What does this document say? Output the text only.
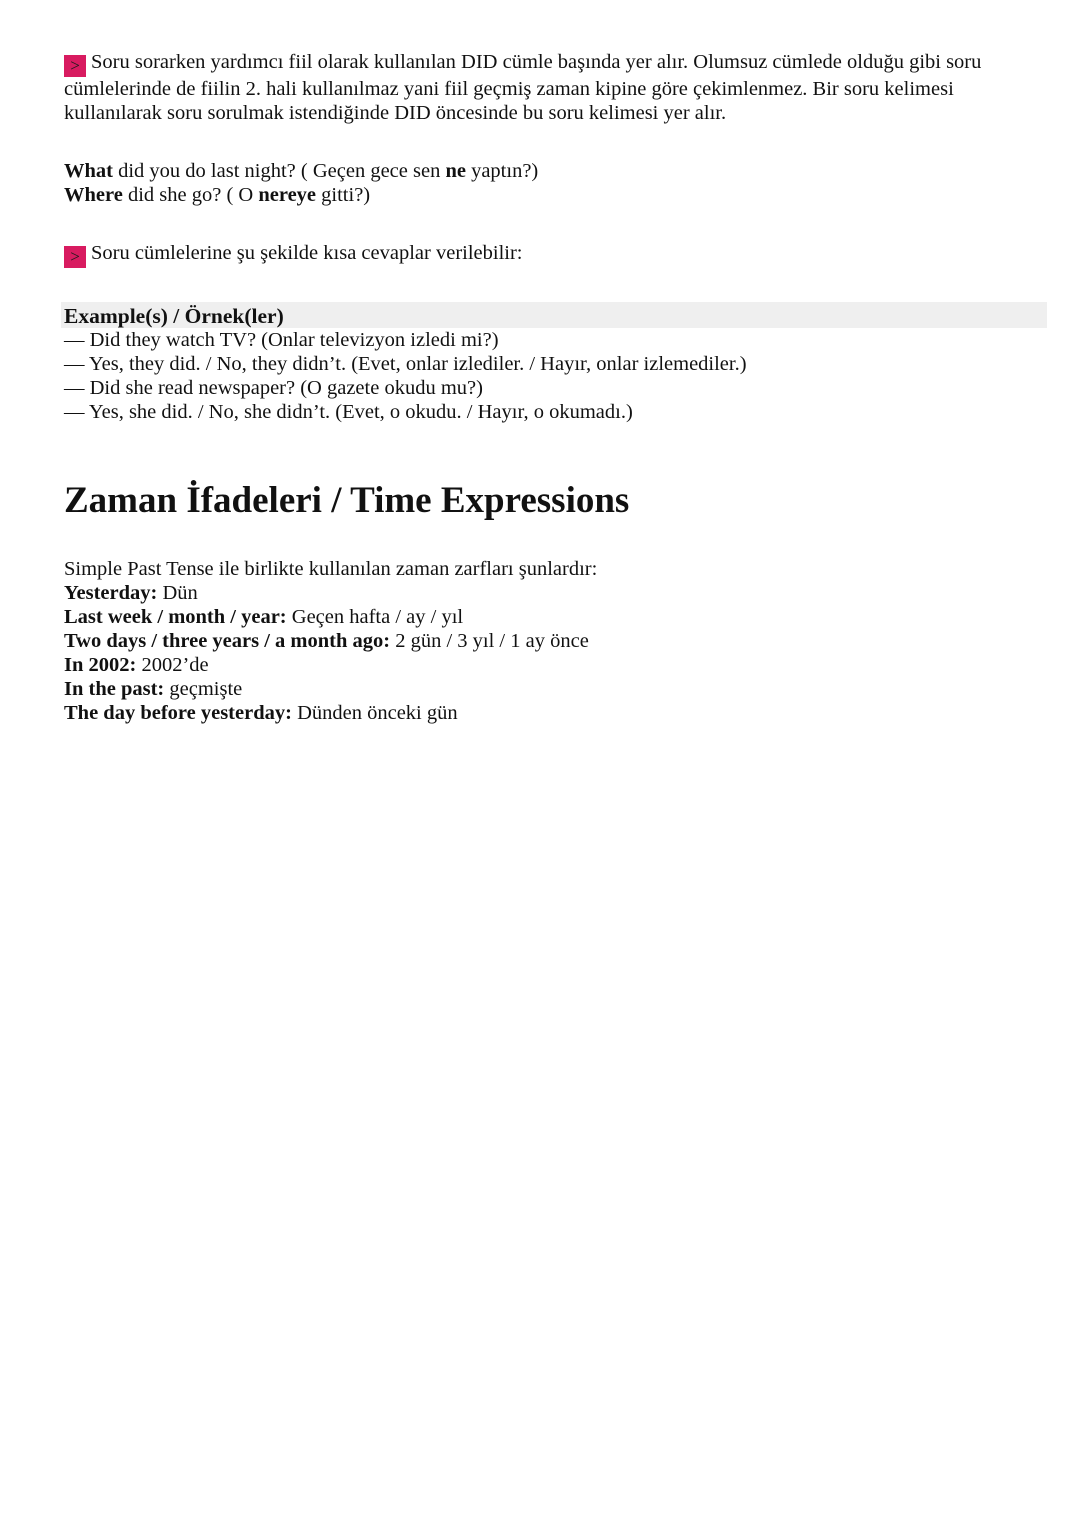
> Soru sorarken yardımcı fiil olarak kullanılan DID cümle başında yer alır. Olumsuz cümlede olduğu gibi soru
cümlelerinde de fiilin 2. hali kullanılmaz yani fiil geçmiş zaman kipine göre çekimlenmez. Bir soru kelimesi
kullanılarak soru sorulmak istendiğinde DID öncesinde bu soru kelimesi yer alır.
What did you do last night? ( Geçen gece sen ne yaptın?)
Where did she go? ( O nereye gitti?)
> Soru cümlelerine şu şekilde kısa cevaplar verilebilir:
Example(s) / Örnek(ler)
— Did they watch TV? (Onlar televizyon izledi mi?)
— Yes, they did. / No, they didn’t. (Evet, onlar izlediler. / Hayır, onlar izlemediler.)
— Did she read newspaper? (O gazete okudu mu?)
— Yes, she did. / No, she didn’t. (Evet, o okudu. / Hayır, o okumadı.)
Zaman İfadeleri / Time Expressions
Simple Past Tense ile birlikte kullanılan zaman zarfları şunlardır:
Yesterday: Dün
Last week / month / year: Geçen hafta / ay / yıl
Two days / three years / a month ago: 2 gün / 3 yıl / 1 ay önce
In 2002: 2002’de
In the past: geçmişte
The day before yesterday: Dünden önceki gün
